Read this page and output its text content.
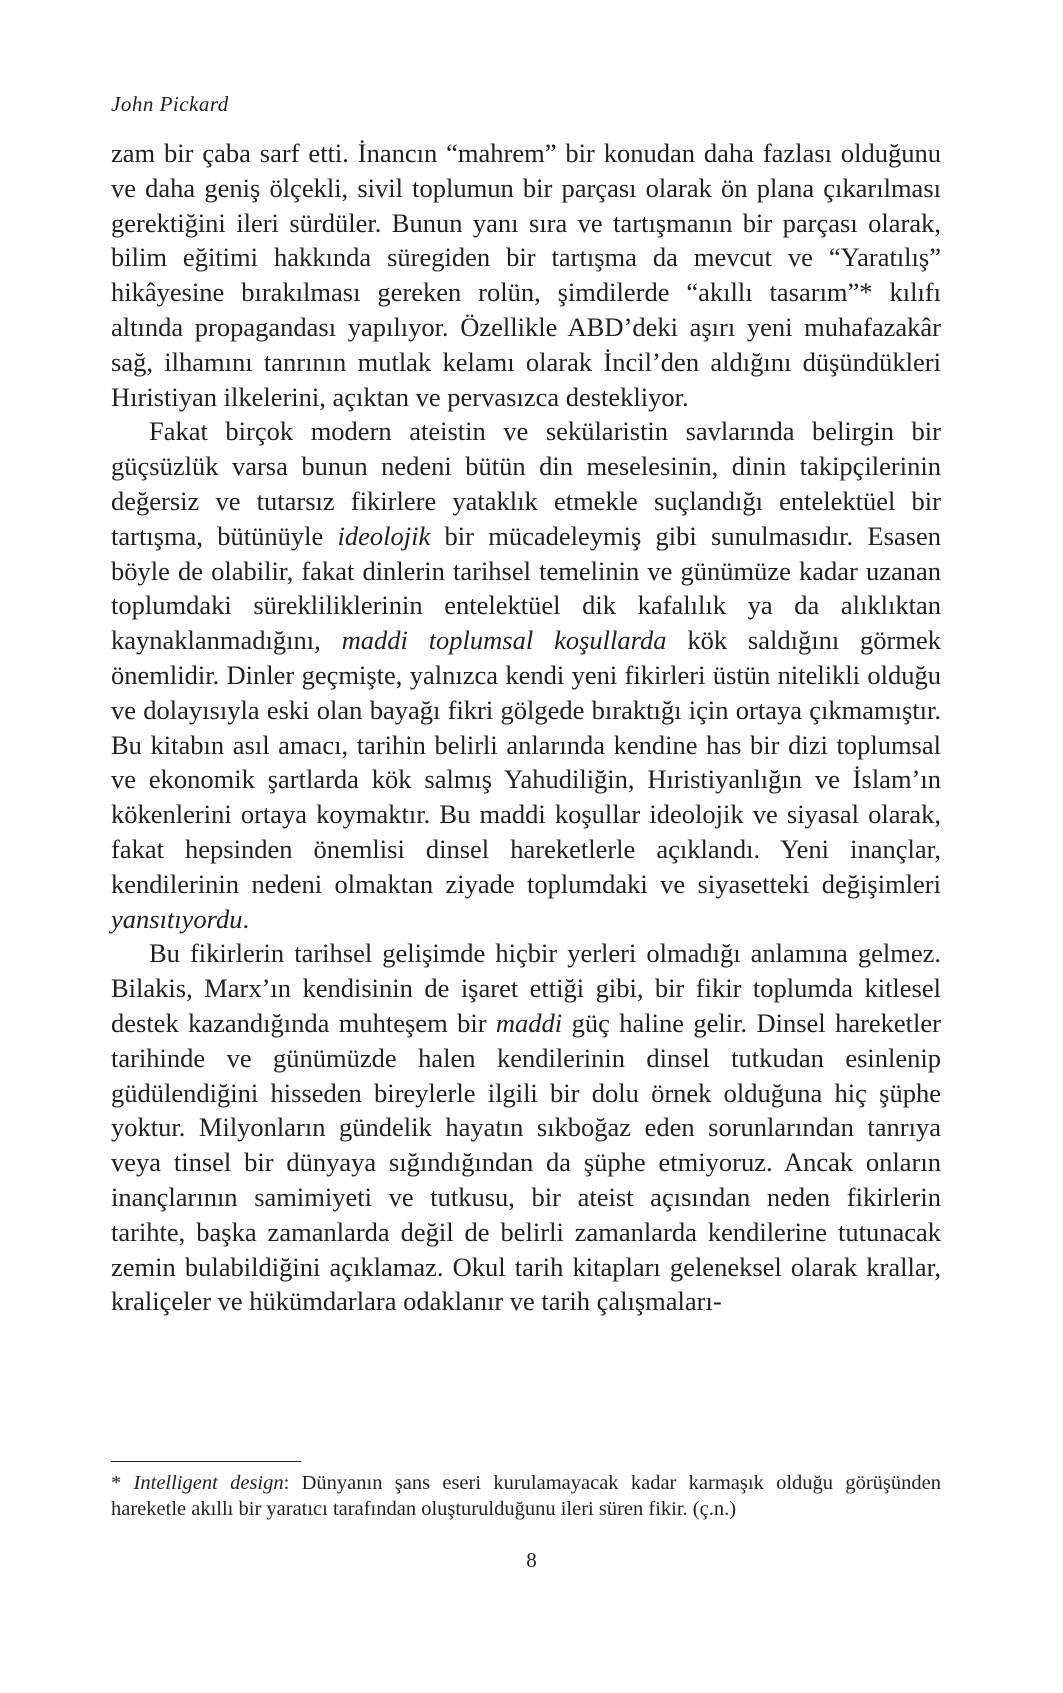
John Pickard

zam bir çaba sarf etti. İnancın “mahrem” bir konudan daha fazlası olduğunu ve daha geniş ölçekli, sivil toplumun bir parçası olarak ön plana çıkarılması gerektiğini ileri sürdüler. Bunun yanı sıra ve tartışmanın bir parçası olarak, bilim eğitimi hakkında süregiden bir tartışma da mevcut ve “Yaratılış” hikâyesine bırakılması gereken rolün, şimdilerde “akıllı tasarım”* kılıfı altında propagandası yapılıyor. Özellikle ABD’deki aşırı yeni muhafazakâr sağ, ilhamını tanrının mutlak kelamı olarak İncil’den aldığını düşündükleri Hıristiyan ilkelerini, açıktan ve pervasızca destekliyor.

Fakat birçok modern ateistin ve sekülaristin savlarında belirgin bir güçsüzlük varsa bunun nedeni bütün din meselesinin, dinin takipçilerinin değersiz ve tutarsız fikirlere yataklık etmekle suçlandığı entelektüel bir tartışma, bütünüyle ideolojik bir mücadeleymiş gibi sunulmasıdır. Esasen böyle de olabilir, fakat dinlerin tarihsel temelinin ve günümüze kadar uzanan toplumdaki sürekliliklerinin entelektüel dik kafalılık ya da alıklıktan kaynaklanmadığını, maddi toplumsal koşullarda kök saldığını görmek önemlidir. Dinler geçmişte, yalnızca kendi yeni fikirleri üstün nitelikli olduğu ve dolayısıyla eski olan bayağı fikri gölgede bıraktığı için ortaya çıkmamıştır. Bu kitabın asıl amacı, tarihin belirli anlarında kendine has bir dizi toplumsal ve ekonomik şartlarda kök salmış Yahudiliğin, Hıristiyanlığın ve İslam’ın kökenlerini ortaya koymaktır. Bu maddi koşullar ideolojik ve siyasal olarak, fakat hepsinden önemlisi dinsel hareketlerle açıklandı. Yeni inançlar, kendilerinin nedeni olmaktan ziyade toplumdaki ve siyasetteki değişimleri yansıtıyordu.

Bu fikirlerin tarihsel gelişimde hiçbir yerleri olmadığı anlamına gelmez. Bilakis, Marx’ın kendisinin de işaret ettiği gibi, bir fikir toplumda kitlesel destek kazandığında muhteşem bir maddi güç haline gelir. Dinsel hareketler tarihinde ve günümüzde halen kendilerinin dinsel tutkudan esinlenip güdülendiğini hisseden bireylerle ilgili bir dolu örnek olduğuna hiç şüphe yoktur. Milyonların gündelik hayatın sıkboğaz eden sorunlarından tanrıya veya tinsel bir dünyaya sığındığından da şüphe etmiyoruz. Ancak onların inançlarının samimiyeti ve tutkusu, bir ateist açısından neden fikirlerin tarihte, başka zamanlarda değil de belirli zamanlarda kendilerine tutunacak zemin bulabildiğini açıklamaz. Okul tarih kitapları geleneksel olarak krallar, kraliçeler ve hükümdarlara odaklanır ve tarih çalışmaları-

* Intelligent design: Dünyanın şans eseri kurulamayacak kadar karmaşık olduğu görüşünden hareketle akıllı bir yaratıcı tarafından oluşturulduğunu ileri süren fikir. (ç.n.)
8
